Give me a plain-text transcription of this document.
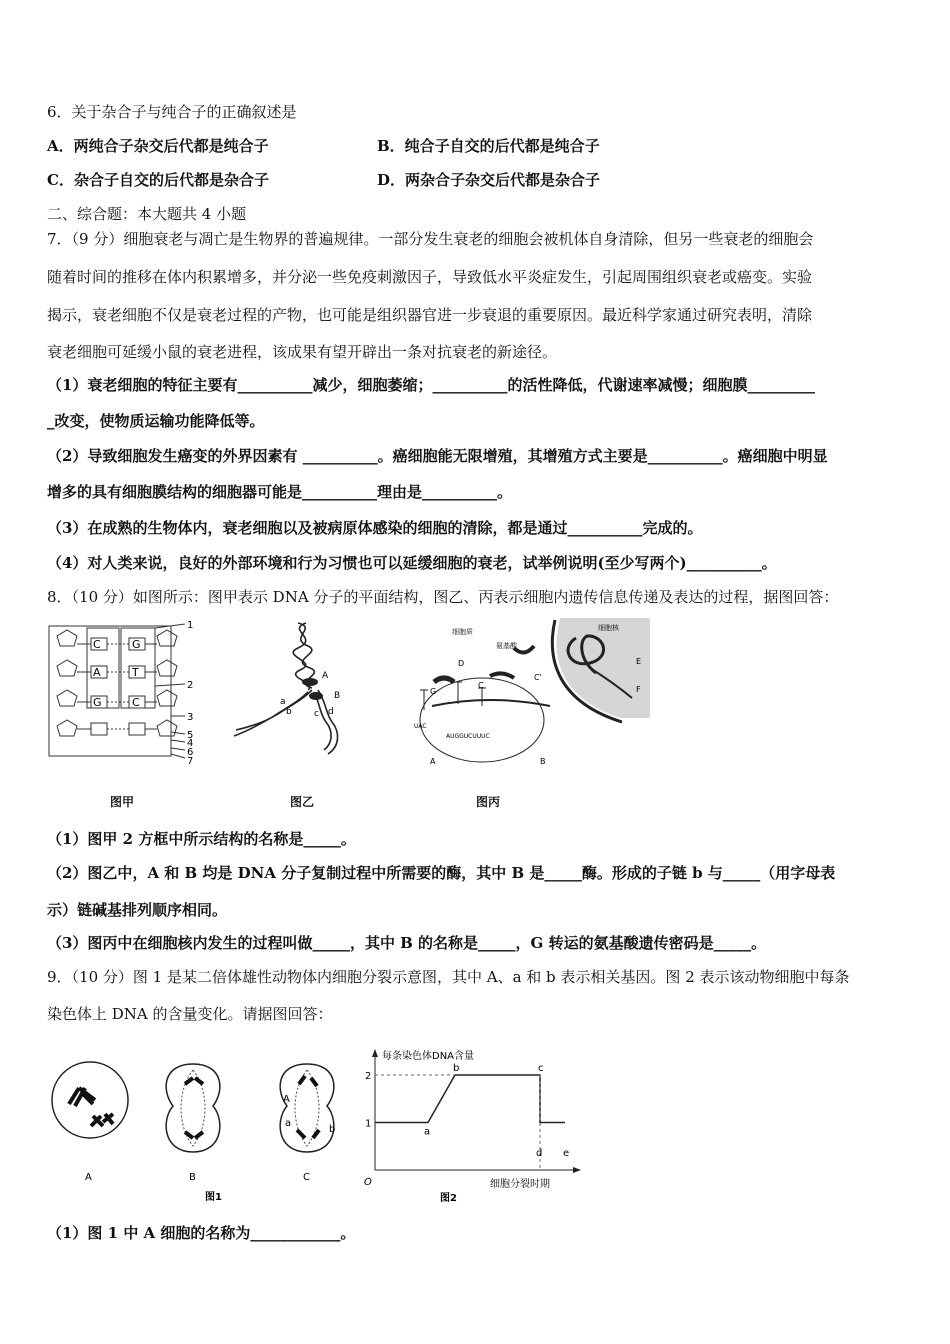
6．关于杂合子与纯合子的正确叙述是
A．两纯合子杂交后代都是纯合子	B．纯合子自交的后代都是纯合子
C．杂合子自交的后代都是杂合子	D．两杂合子杂交后代都是杂合子
二、综合题：本大题共 4 小题
7．（9 分）细胞衰老与凋亡是生物界的普遍规律。一部分发生衰老的细胞会被机体自身清除，但另一些衰老的细胞会
随着时间的推移在体内积累增多，并分泌一些免疫刺激因子，导致低水平炎症发生，引起周围组织衰老或癌变。实验
揭示，衰老细胞不仅是衰老过程的产物，也可能是组织器官进一步衰退的重要原因。最近科学家通过研究表明，清除
衰老细胞可延缓小鼠的衰老进程，该成果有望开辟出一条对抗衰老的新途径。
（1）衰老细胞的特征主要有__________减少，细胞萎缩；__________的活性降低，代谢速率减慢；细胞膜_________
_改变，使物质运输功能降低等。
（2）导致细胞发生癌变的外界因素有 __________。癌细胞能无限增殖，其增殖方式主要是__________。癌细胞中明显
增多的具有细胞膜结构的细胞器可能是__________理由是__________。
（3）在成熟的生物体内，衰老细胞以及被病原体感染的细胞的清除，都是通过__________完成的。
（4）对人类来说，良好的外部环境和行为习惯也可以延缓细胞的衰老，试举例说明(至少写两个)__________。
8．（10 分）如图所示：图甲表示 DNA 分子的平面结构，图乙、丙表示细胞内遗传信息传递及表达的过程，据图回答：
C
A
G
G
T
C
1
2
3
5
4
6
7
图甲
A
B
a
b c d
图乙
细胞质
氨基酸
细胞核
D
C
G
E
F
A	B
C'
UAC
AUGGUCUUUC
图丙
（1）图甲 2 方框中所示结构的名称是_____。
（2）图乙中，A 和 B 均是 DNA 分子复制过程中所需要的酶，其中 B 是_____酶。形成的子链 b 与_____（用字母表
示）链碱基排列顺序相同。
（3）图丙中在细胞核内发生的过程叫做_____，其中 B 的名称是_____，G 转运的氨基酸遗传密码是_____。
9．（10 分）图 1 是某二倍体雄性动物体内细胞分裂示意图，其中 A、a 和 b 表示相关基因。图 2 表示该动物细胞中每条
染色体上 DNA 的含量变化。请据图回答：
A
a
b
A	B	C
图1
每条染色体DNA含量
细胞分裂时期
O
1
2
a
b	c
d e
图2
（1）图 1 中 A 细胞的名称为____________。
